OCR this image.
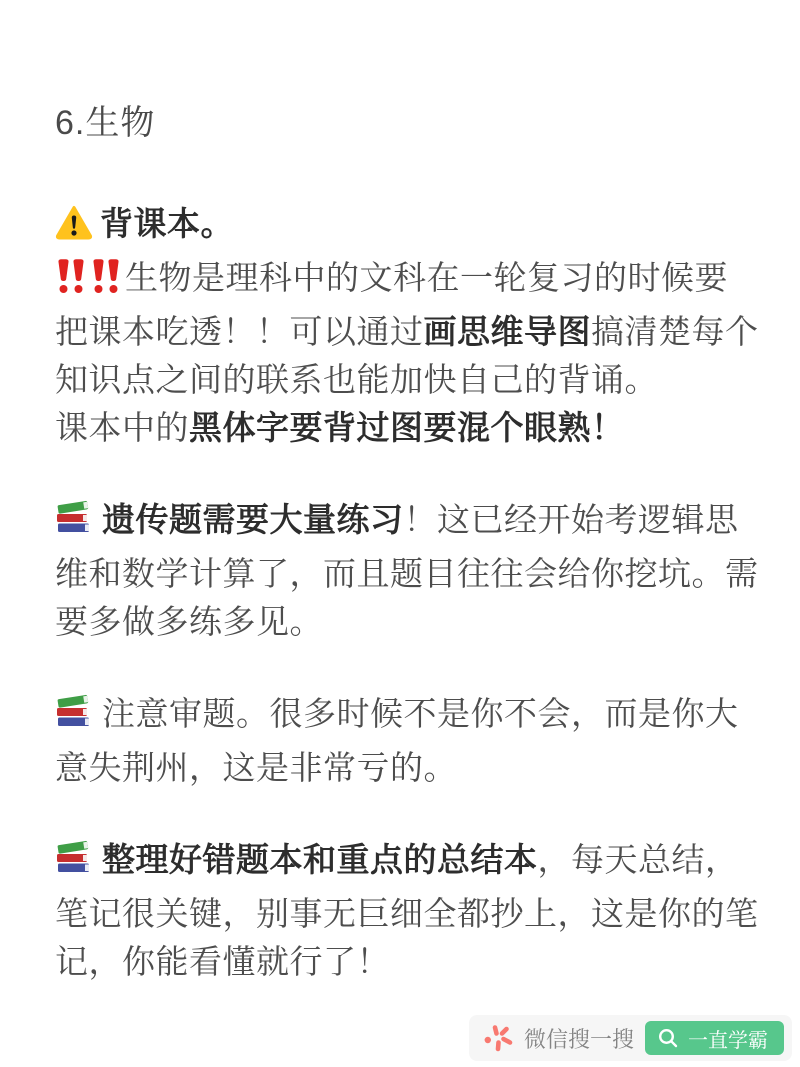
6.生物

背课本。

生物是理科中的文科在一轮复习的时候要把课本吃透！！可以通过画思维导图搞清楚每个知识点之间的联系也能加快自己的背诵。

课本中的黑体字要背过图要混个眼熟！

遗传题需要大量练习！这已经开始考逻辑思维和数学计算了，而且题目往往会给你挖坑。需要多做多练多见。

注意审题。很多时候不是你不会，而是你大意失荆州，这是非常亏的。

整理好错题本和重点的总结本，每天总结，笔记很关键，别事无巨细全都抄上，这是你的笔记，你能看懂就行了！

微信搜一搜	一直学霸
